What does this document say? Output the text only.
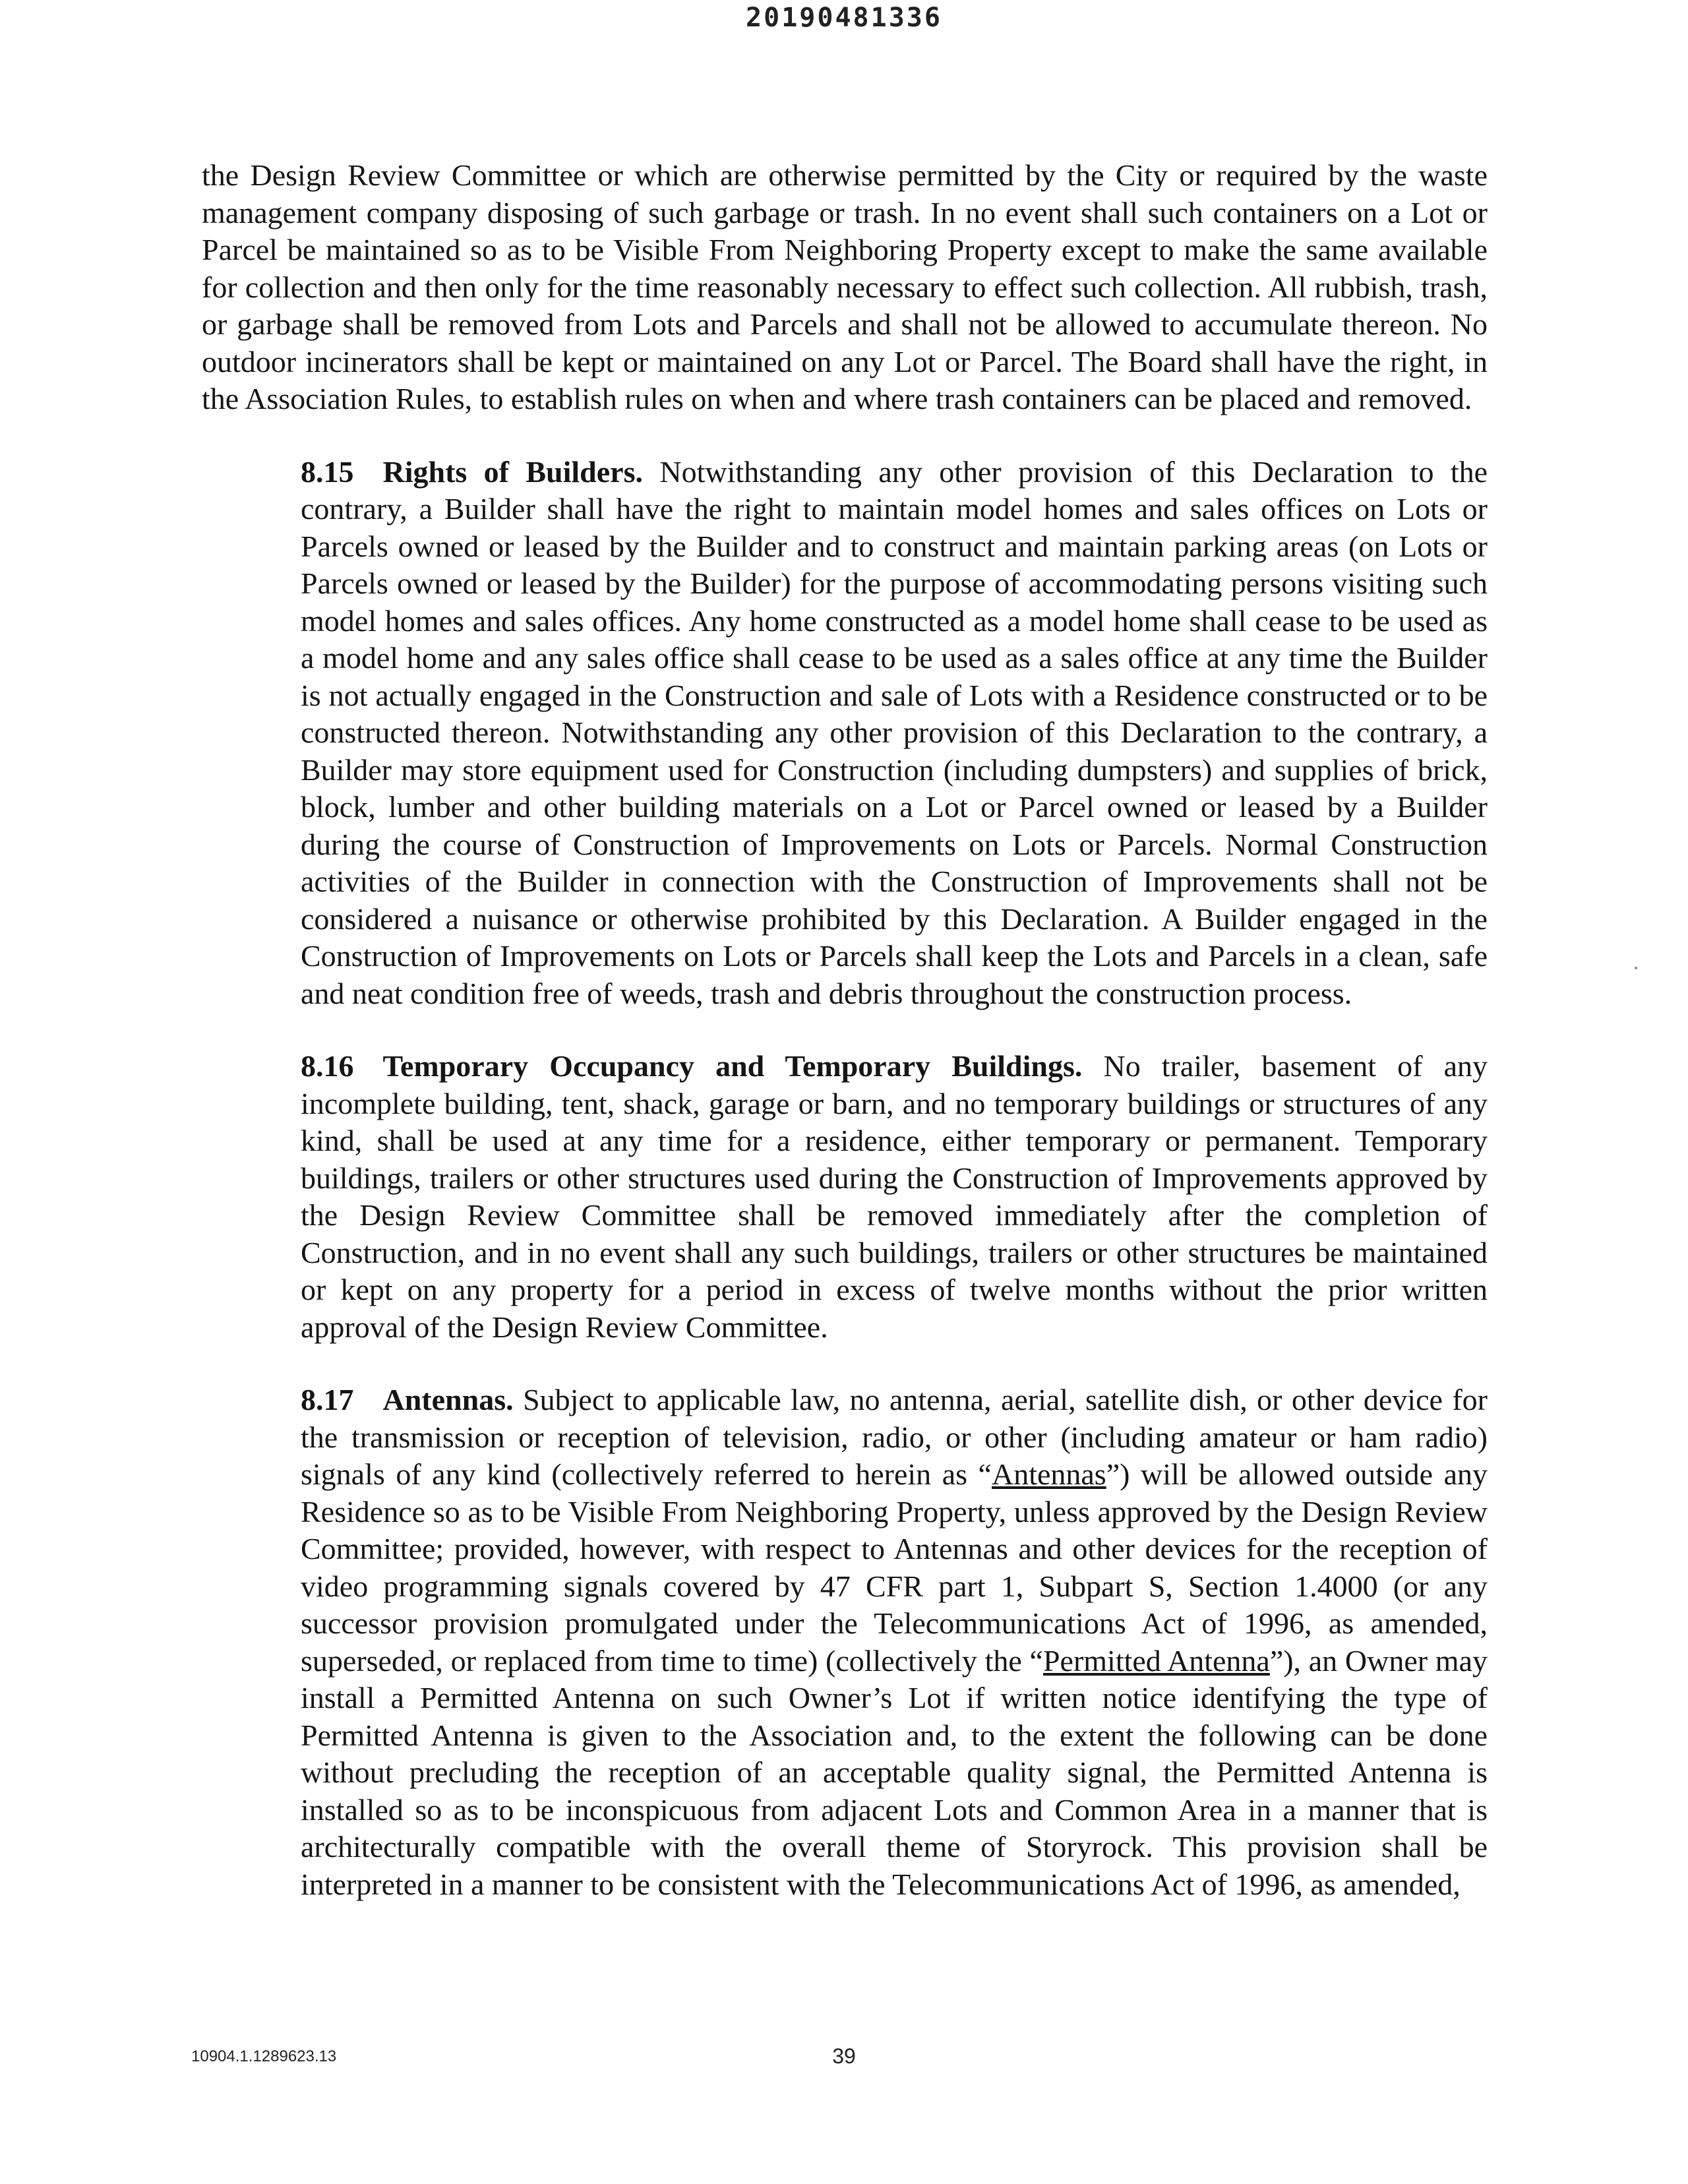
20190481336

the Design Review Committee or which are otherwise permitted by the City or required by the waste management company disposing of such garbage or trash. In no event shall such containers on a Lot or Parcel be maintained so as to be Visible From Neighboring Property except to make the same available for collection and then only for the time reasonably necessary to effect such collection. All rubbish, trash, or garbage shall be removed from Lots and Parcels and shall not be allowed to accumulate thereon. No outdoor incinerators shall be kept or maintained on any Lot or Parcel. The Board shall have the right, in the Association Rules, to establish rules on when and where trash containers can be placed and removed.

8.15 Rights of Builders. Notwithstanding any other provision of this Declaration to the contrary, a Builder shall have the right to maintain model homes and sales offices on Lots or Parcels owned or leased by the Builder and to construct and maintain parking areas (on Lots or Parcels owned or leased by the Builder) for the purpose of accommodating persons visiting such model homes and sales offices. Any home constructed as a model home shall cease to be used as a model home and any sales office shall cease to be used as a sales office at any time the Builder is not actually engaged in the Construction and sale of Lots with a Residence constructed or to be constructed thereon. Notwithstanding any other provision of this Declaration to the contrary, a Builder may store equipment used for Construction (including dumpsters) and supplies of brick, block, lumber and other building materials on a Lot or Parcel owned or leased by a Builder during the course of Construction of Improvements on Lots or Parcels. Normal Construction activities of the Builder in connection with the Construction of Improvements shall not be considered a nuisance or otherwise prohibited by this Declaration. A Builder engaged in the Construction of Improvements on Lots or Parcels shall keep the Lots and Parcels in a clean, safe and neat condition free of weeds, trash and debris throughout the construction process.

8.16 Temporary Occupancy and Temporary Buildings. No trailer, basement of any incomplete building, tent, shack, garage or barn, and no temporary buildings or structures of any kind, shall be used at any time for a residence, either temporary or permanent. Temporary buildings, trailers or other structures used during the Construction of Improvements approved by the Design Review Committee shall be removed immediately after the completion of Construction, and in no event shall any such buildings, trailers or other structures be maintained or kept on any property for a period in excess of twelve months without the prior written approval of the Design Review Committee.

8.17 Antennas. Subject to applicable law, no antenna, aerial, satellite dish, or other device for the transmission or reception of television, radio, or other (including amateur or ham radio) signals of any kind (collectively referred to herein as “Antennas”) will be allowed outside any Residence so as to be Visible From Neighboring Property, unless approved by the Design Review Committee; provided, however, with respect to Antennas and other devices for the reception of video programming signals covered by 47 CFR part 1, Subpart S, Section 1.4000 (or any successor provision promulgated under the Telecommunications Act of 1996, as amended, superseded, or replaced from time to time) (collectively the “Permitted Antenna”), an Owner may install a Permitted Antenna on such Owner’s Lot if written notice identifying the type of Permitted Antenna is given to the Association and, to the extent the following can be done without precluding the reception of an acceptable quality signal, the Permitted Antenna is installed so as to be inconspicuous from adjacent Lots and Common Area in a manner that is architecturally compatible with the overall theme of Storyrock. This provision shall be interpreted in a manner to be consistent with the Telecommunications Act of 1996, as amended,

10904.1.1289623.13	39
